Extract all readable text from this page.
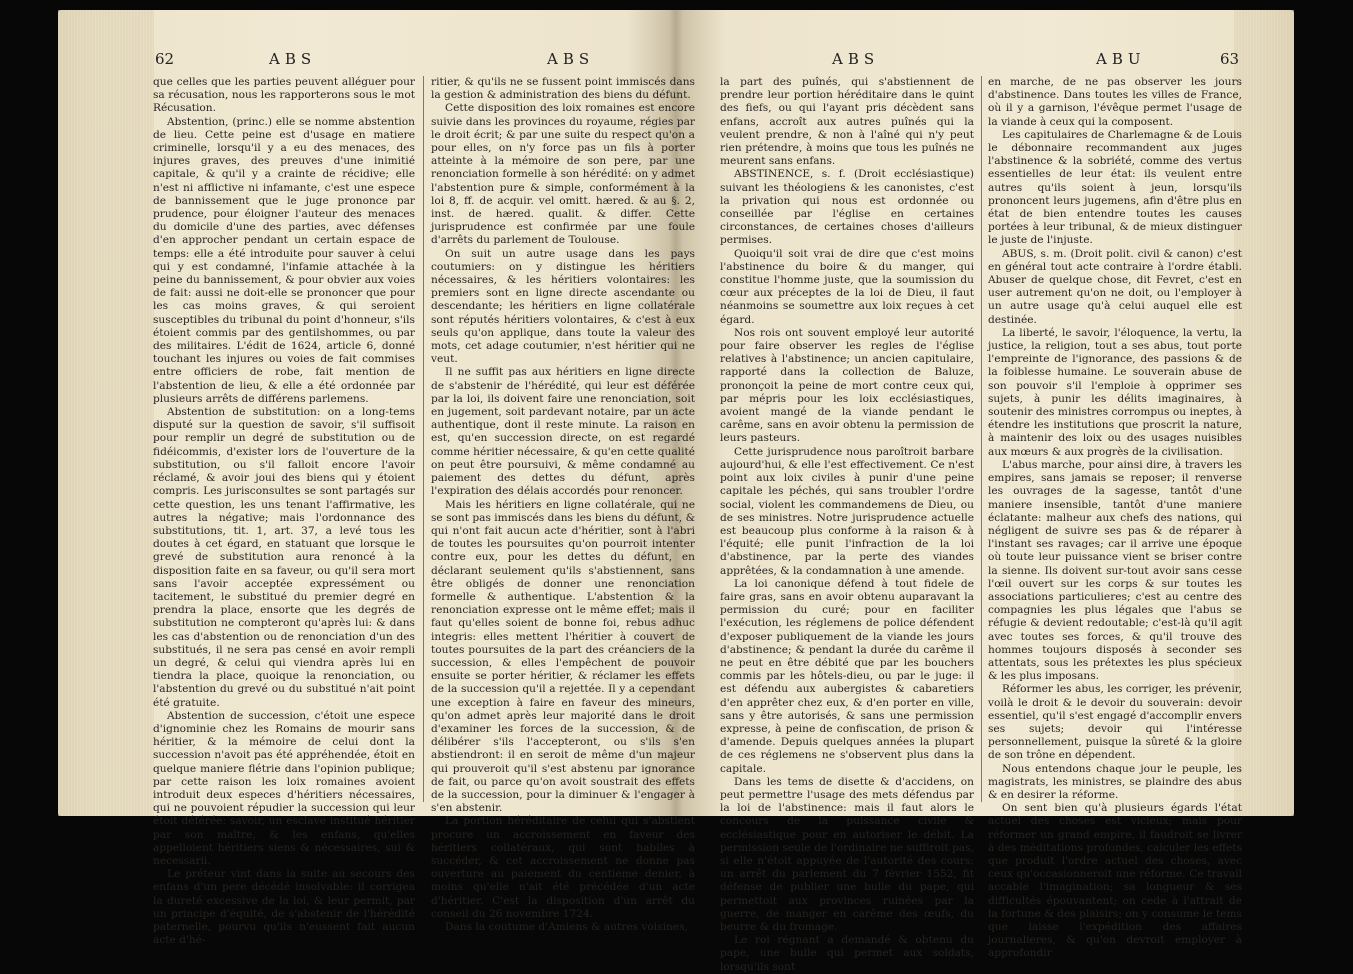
62	ABS	ABS

que celles que les parties peuvent alléguer pour sa récusation, nous les rapporterons sous le mot Récusation.

Abstention, (princ.) elle se nomme abstention de lieu. Cette peine est d'usage en matiere criminelle, lorsqu'il y a eu des menaces, des injures graves, des preuves d'une inimitié capitale, & qu'il y a crainte de récidive; elle n'est ni afflictive ni infamante, c'est une espece de bannissement que le juge prononce par prudence, pour éloigner l'auteur des menaces du domicile d'une des parties, avec défenses d'en approcher pendant un certain espace de temps: elle a été introduite pour sauver à celui qui y est condamné, l'infamie attachée à la peine du bannissement, & pour obvier aux voies de fait: aussi ne doit-elle se prononcer que pour les cas moins graves, & qui seroient susceptibles du tribunal du point d'honneur, s'ils étoient commis par des gentilshommes, ou par des militaires. L'édit de 1624, article 6, donné touchant les injures ou voies de fait commises entre officiers de robe, fait mention de l'abstention de lieu, & elle a été ordonnée par plusieurs arrêts de différens parlemens.

Abstention de substitution: on a long-tems disputé sur la question de savoir, s'il suffisoit pour remplir un degré de substitution ou de fidéicommis, d'exister lors de l'ouverture de la substitution, ou s'il falloit encore l'avoir réclamé, & avoir joui des biens qui y étoient compris. Les jurisconsultes se sont partagés sur cette question, les uns tenant l'affirmative, les autres la négative; mais l'ordonnance des substitutions, tit. 1, art. 37, a levé tous les doutes à cet égard, en statuant que lorsque le grevé de substitution aura renoncé à la disposition faite en sa faveur, ou qu'il sera mort sans l'avoir acceptée expressément ou tacitement, le substitué du premier degré en prendra la place, ensorte que les degrés de substitution ne compteront qu'après lui: & dans les cas d'abstention ou de renonciation d'un des substitués, il ne sera pas censé en avoir rempli un degré, & celui qui viendra après lui en tiendra la place, quoique la renonciation, ou l'abstention du grevé ou du substitué n'ait point été gratuite.

Abstention de succession, c'étoit une espece d'ignominie chez les Romains de mourir sans héritier, & la mémoire de celui dont la succession n'avoit pas été appréhendée, étoit en quelque maniere flétrie dans l'opinion publique; par cette raison les loix romaines avoient introduit deux especes d'héritiers nécessaires, qui ne pouvoient répudier la succession qui leur étoit déférée: savoir, un esclave institué héritier par son maître, & les enfans, qu'elles appelloient héritiers siens & nécessaires, sui & necessarii.

Le préteur vint dans la suite au secours des enfans d'un pere décédé insolvable: il corrigea la dureté excessive de la loi, & leur permit, par un principe d'équité, de s'abstenir de l'hérédité paternelle, pourvu qu'ils n'eussent fait aucun acte d'hé-

ritier, & qu'ils ne se fussent point immiscés dans la gestion & administration des biens du défunt.

Cette disposition des loix romaines est encore suivie dans les provinces du royaume, régies par le droit écrit; & par une suite du respect qu'on a pour elles, on n'y force pas un fils à porter atteinte à la mémoire de son pere, par une renonciation formelle à son hérédité: on y admet l'abstention pure & simple, conformément à la loi 8, ff. de acquir. vel omitt. hæred. & au §. 2, inst. de hæred. qualit. & differ. Cette jurisprudence est confirmée par une foule d'arrêts du parlement de Toulouse.

On suit un autre usage dans les pays coutumiers: on y distingue les héritiers nécessaires, & les héritiers volontaires: les premiers sont en ligne directe ascendante ou descendante; les héritiers en ligne collatérale sont réputés héritiers volontaires, & c'est à eux seuls qu'on applique, dans toute la valeur des mots, cet adage coutumier, n'est héritier qui ne veut.

Il ne suffit pas aux héritiers en ligne directe de s'abstenir de l'hérédité, qui leur est déférée par la loi, ils doivent faire une renonciation, soit en jugement, soit pardevant notaire, par un acte authentique, dont il reste minute. La raison en est, qu'en succession directe, on est regardé comme héritier nécessaire, & qu'en cette qualité on peut être poursuivi, & même condamné au paiement des dettes du défunt, après l'expiration des délais accordés pour renoncer.

Mais les héritiers en ligne collatérale, qui ne se sont pas immiscés dans les biens du défunt, & qui n'ont fait aucun acte d'héritier, sont à l'abri de toutes les poursuites qu'on pourroit intenter contre eux, pour les dettes du défunt, en déclarant seulement qu'ils s'abstiennent, sans être obligés de donner une renonciation formelle & authentique. L'abstention & la renonciation expresse ont le même effet; mais il faut qu'elles soient de bonne foi, rebus adhuc integris: elles mettent l'héritier à couvert de toutes poursuites de la part des créanciers de la succession, & elles l'empêchent de pouvoir ensuite se porter héritier, & réclamer les effets de la succession qu'il a rejettée. Il y a cependant une exception à faire en faveur des mineurs, qu'on admet après leur majorité dans le droit d'examiner les forces de la succession, & de délibérer s'ils l'accepteront, ou s'ils s'en abstiendront: il en seroit de même d'un majeur qui prouveroit qu'il s'est abstenu par ignorance de fait, ou parce qu'on avoit soustrait des effets de la succession, pour la diminuer & l'engager à s'en abstenir.

La portion héréditaire de celui qui s'abstient procure un accroissement en faveur des héritiers collatéraux, qui sont habiles à succéder, & cet accroissement ne donne pas ouverture au paiement du centieme denier, à moins qu'elle n'ait été précédée d'un acte d'héritier. C'est la disposition d'un arrêt du conseil du 26 novembre 1724.

Dans la coutume d'Amiens & autres voisines,

ABS	ABU	63

la part des puînés, qui s'abstiennent de prendre leur portion héréditaire dans le quint des fiefs, ou qui l'ayant pris décèdent sans enfans, accroît aux autres puînés qui la veulent prendre, & non à l'aîné qui n'y peut rien prétendre, à moins que tous les puînés ne meurent sans enfans.

ABSTINENCE, s. f. (Droit ecclésiastique) suivant les théologiens & les canonistes, c'est la privation qui nous est ordonnée ou conseillée par l'église en certaines circonstances, de certaines choses d'ailleurs permises.

Quoiqu'il soit vrai de dire que c'est moins l'abstinence du boire & du manger, qui constitue l'homme juste, que la soumission du cœur aux préceptes de la loi de Dieu, il faut néanmoins se soumettre aux loix reçues à cet égard.

Nos rois ont souvent employé leur autorité pour faire observer les regles de l'église relatives à l'abstinence; un ancien capitulaire, rapporté dans la collection de Baluze, prononçoit la peine de mort contre ceux qui, par mépris pour les loix ecclésiastiques, avoient mangé de la viande pendant le carême, sans en avoir obtenu la permission de leurs pasteurs.

Cette jurisprudence nous paroîtroit barbare aujourd'hui, & elle l'est effectivement. Ce n'est point aux loix civiles à punir d'une peine capitale les péchés, qui sans troubler l'ordre social, violent les commandemens de Dieu, ou de ses ministres. Notre jurisprudence actuelle est beaucoup plus conforme à la raison & à l'équité; elle punit l'infraction de la loi d'abstinence, par la perte des viandes apprêtées, & la condamnation à une amende.

La loi canonique défend à tout fidele de faire gras, sans en avoir obtenu auparavant la permission du curé; pour en faciliter l'exécution, les réglemens de police défendent d'exposer publiquement de la viande les jours d'abstinence; & pendant la durée du carême il ne peut en être débité que par les bouchers commis par les hôtels-dieu, ou par le juge: il est défendu aux aubergistes & cabaretiers d'en apprêter chez eux, & d'en porter en ville, sans y être autorisés, & sans une permission expresse, à peine de confiscation, de prison & d'amende. Depuis quelques années la plupart de ces réglemens ne s'observent plus dans la capitale.

Dans les tems de disette & d'accidens, on peut permettre l'usage des mets défendus par la loi de l'abstinence: mais il faut alors le concours de la puissance civile & ecclésiastique pour en autoriser le débit. La permission seule de l'ordinaire ne suffiroit pas, si elle n'étoit appuyée de l'autorité des cours: un arrêt du parlement du 7 février 1552, fit défense de publier une bulle du pape, qui permettoit aux provinces ruinées par la guerre, de manger en carême des œufs, du beurre & du fromage.

Le roi régnant a demandé & obtenu du pape, une bulle qui permet aux soldats, lorsqu'ils sont

en marche, de ne pas observer les jours d'abstinence. Dans toutes les villes de France, où il y a garnison, l'évêque permet l'usage de la viande à ceux qui la composent.

Les capitulaires de Charlemagne & de Louis le débonnaire recommandent aux juges l'abstinence & la sobriété, comme des vertus essentielles de leur état: ils veulent entre autres qu'ils soient à jeun, lorsqu'ils prononcent leurs jugemens, afin d'être plus en état de bien entendre toutes les causes portées à leur tribunal, & de mieux distinguer le juste de l'injuste.

ABUS, s. m. (Droit polit. civil & canon) c'est en général tout acte contraire à l'ordre établi. Abuser de quelque chose, dit Fevret, c'est en user autrement qu'on ne doit, ou l'employer à un autre usage qu'à celui auquel elle est destinée.

La liberté, le savoir, l'éloquence, la vertu, la justice, la religion, tout a ses abus, tout porte l'empreinte de l'ignorance, des passions & de la foiblesse humaine. Le souverain abuse de son pouvoir s'il l'emploie à opprimer ses sujets, à punir les délits imaginaires, à soutenir des ministres corrompus ou ineptes, à étendre les institutions que proscrit la nature, à maintenir des loix ou des usages nuisibles aux mœurs & aux progrès de la civilisation.

L'abus marche, pour ainsi dire, à travers les empires, sans jamais se reposer; il renverse les ouvrages de la sagesse, tantôt d'une maniere insensible, tantôt d'une maniere éclatante: malheur aux chefs des nations, qui négligent de suivre ses pas & de réparer à l'instant ses ravages; car il arrive une époque où toute leur puissance vient se briser contre la sienne. Ils doivent sur-tout avoir sans cesse l'œil ouvert sur les corps & sur toutes les associations particulieres; c'est au centre des compagnies les plus légales que l'abus se réfugie & devient redoutable; c'est-là qu'il agit avec toutes ses forces, & qu'il trouve des hommes toujours disposés à seconder ses attentats, sous les prétextes les plus spécieux & les plus imposans.

Réformer les abus, les corriger, les prévenir, voilà le droit & le devoir du souverain: devoir essentiel, qu'il s'est engagé d'accomplir envers ses sujets; devoir qui l'intéresse personnellement, puisque la sûreté & la gloire de son trône en dépendent.

Nous entendons chaque jour le peuple, les magistrats, les ministres, se plaindre des abus & en desirer la réforme.

On sent bien qu'à plusieurs égards l'état actuel des choses est vicieux; mais pour réformer un grand empire, il faudroit se livrer à des méditations profondes, calculer les effets que produit l'ordre actuel des choses, avec ceux qu'occasionneroit une réforme. Ce travail accable l'imagination; sa longueur & ses difficultés épouvantent; on cede à l'attrait de la fortune & des plaisirs; on y consume le tems que laisse l'expédition des affaires journalieres, & qu'on devroit employer à approfondir
